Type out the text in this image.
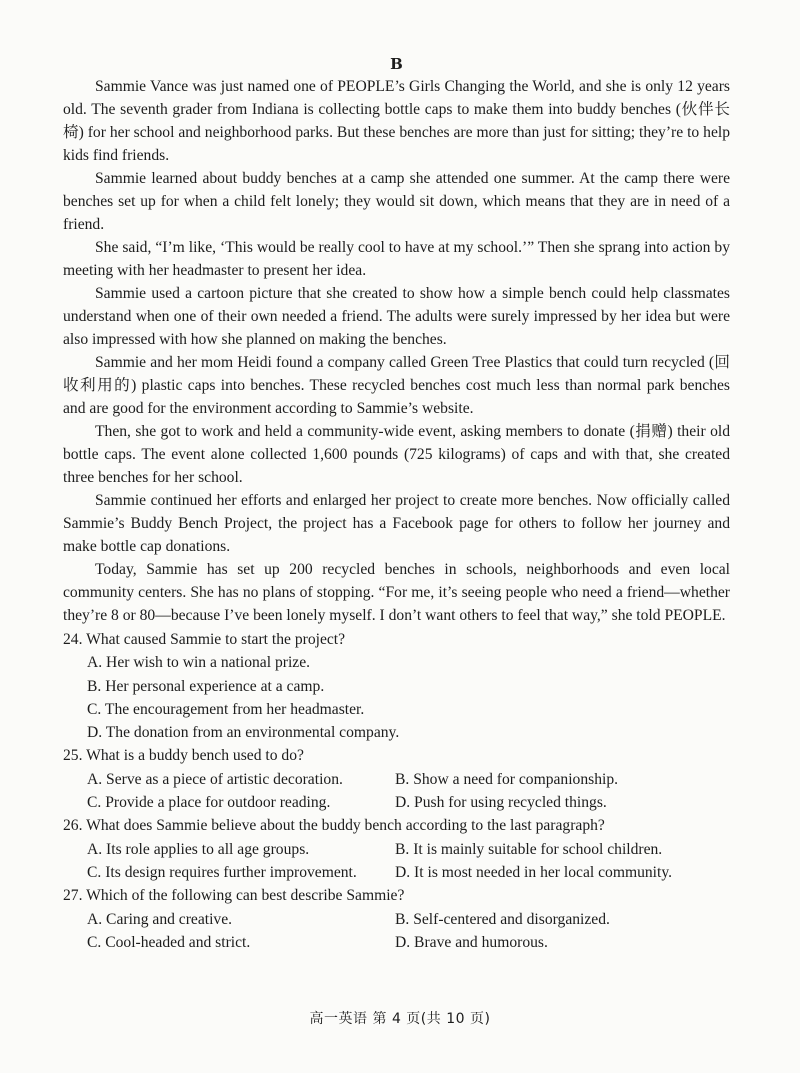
B

Sammie Vance was just named one of PEOPLE’s Girls Changing the World, and she is only 12 years old. The seventh grader from Indiana is collecting bottle caps to make them into buddy benches (伙伴长椅) for her school and neighborhood parks. But these benches are more than just for sitting; they’re to help kids find friends.

Sammie learned about buddy benches at a camp she attended one summer. At the camp there were benches set up for when a child felt lonely; they would sit down, which means that they are in need of a friend.

She said, “I’m like, ‘This would be really cool to have at my school.’” Then she sprang into action by meeting with her headmaster to present her idea.

Sammie used a cartoon picture that she created to show how a simple bench could help classmates understand when one of their own needed a friend. The adults were surely impressed by her idea but were also impressed with how she planned on making the benches.

Sammie and her mom Heidi found a company called Green Tree Plastics that could turn recycled (回收利用的) plastic caps into benches. These recycled benches cost much less than normal park benches and are good for the environment according to Sammie’s website.

Then, she got to work and held a community-wide event, asking members to donate (捐赠) their old bottle caps. The event alone collected 1,600 pounds (725 kilograms) of caps and with that, she created three benches for her school.

Sammie continued her efforts and enlarged her project to create more benches. Now officially called Sammie’s Buddy Bench Project, the project has a Facebook page for others to follow her journey and make bottle cap donations.

Today, Sammie has set up 200 recycled benches in schools, neighborhoods and even local community centers. She has no plans of stopping. “For me, it’s seeing people who need a friend—whether they’re 8 or 80—because I’ve been lonely myself. I don’t want others to feel that way,” she told PEOPLE.

24. What caused Sammie to start the project?

A. Her wish to win a national prize.

B. Her personal experience at a camp.

C. The encouragement from her headmaster.

D. The donation from an environmental company.

25. What is a buddy bench used to do?

A. Serve as a piece of artistic decoration.	B. Show a need for companionship.
C. Provide a place for outdoor reading.	D. Push for using recycled things.

26. What does Sammie believe about the buddy bench according to the last paragraph?

A. Its role applies to all age groups.	B. It is mainly suitable for school children.
C. Its design requires further improvement.	D. It is most needed in her local community.

27. Which of the following can best describe Sammie?

A. Caring and creative.	B. Self-centered and disorganized.
C. Cool-headed and strict.	D. Brave and humorous.
高一英语 第 4 页(共 10 页)
